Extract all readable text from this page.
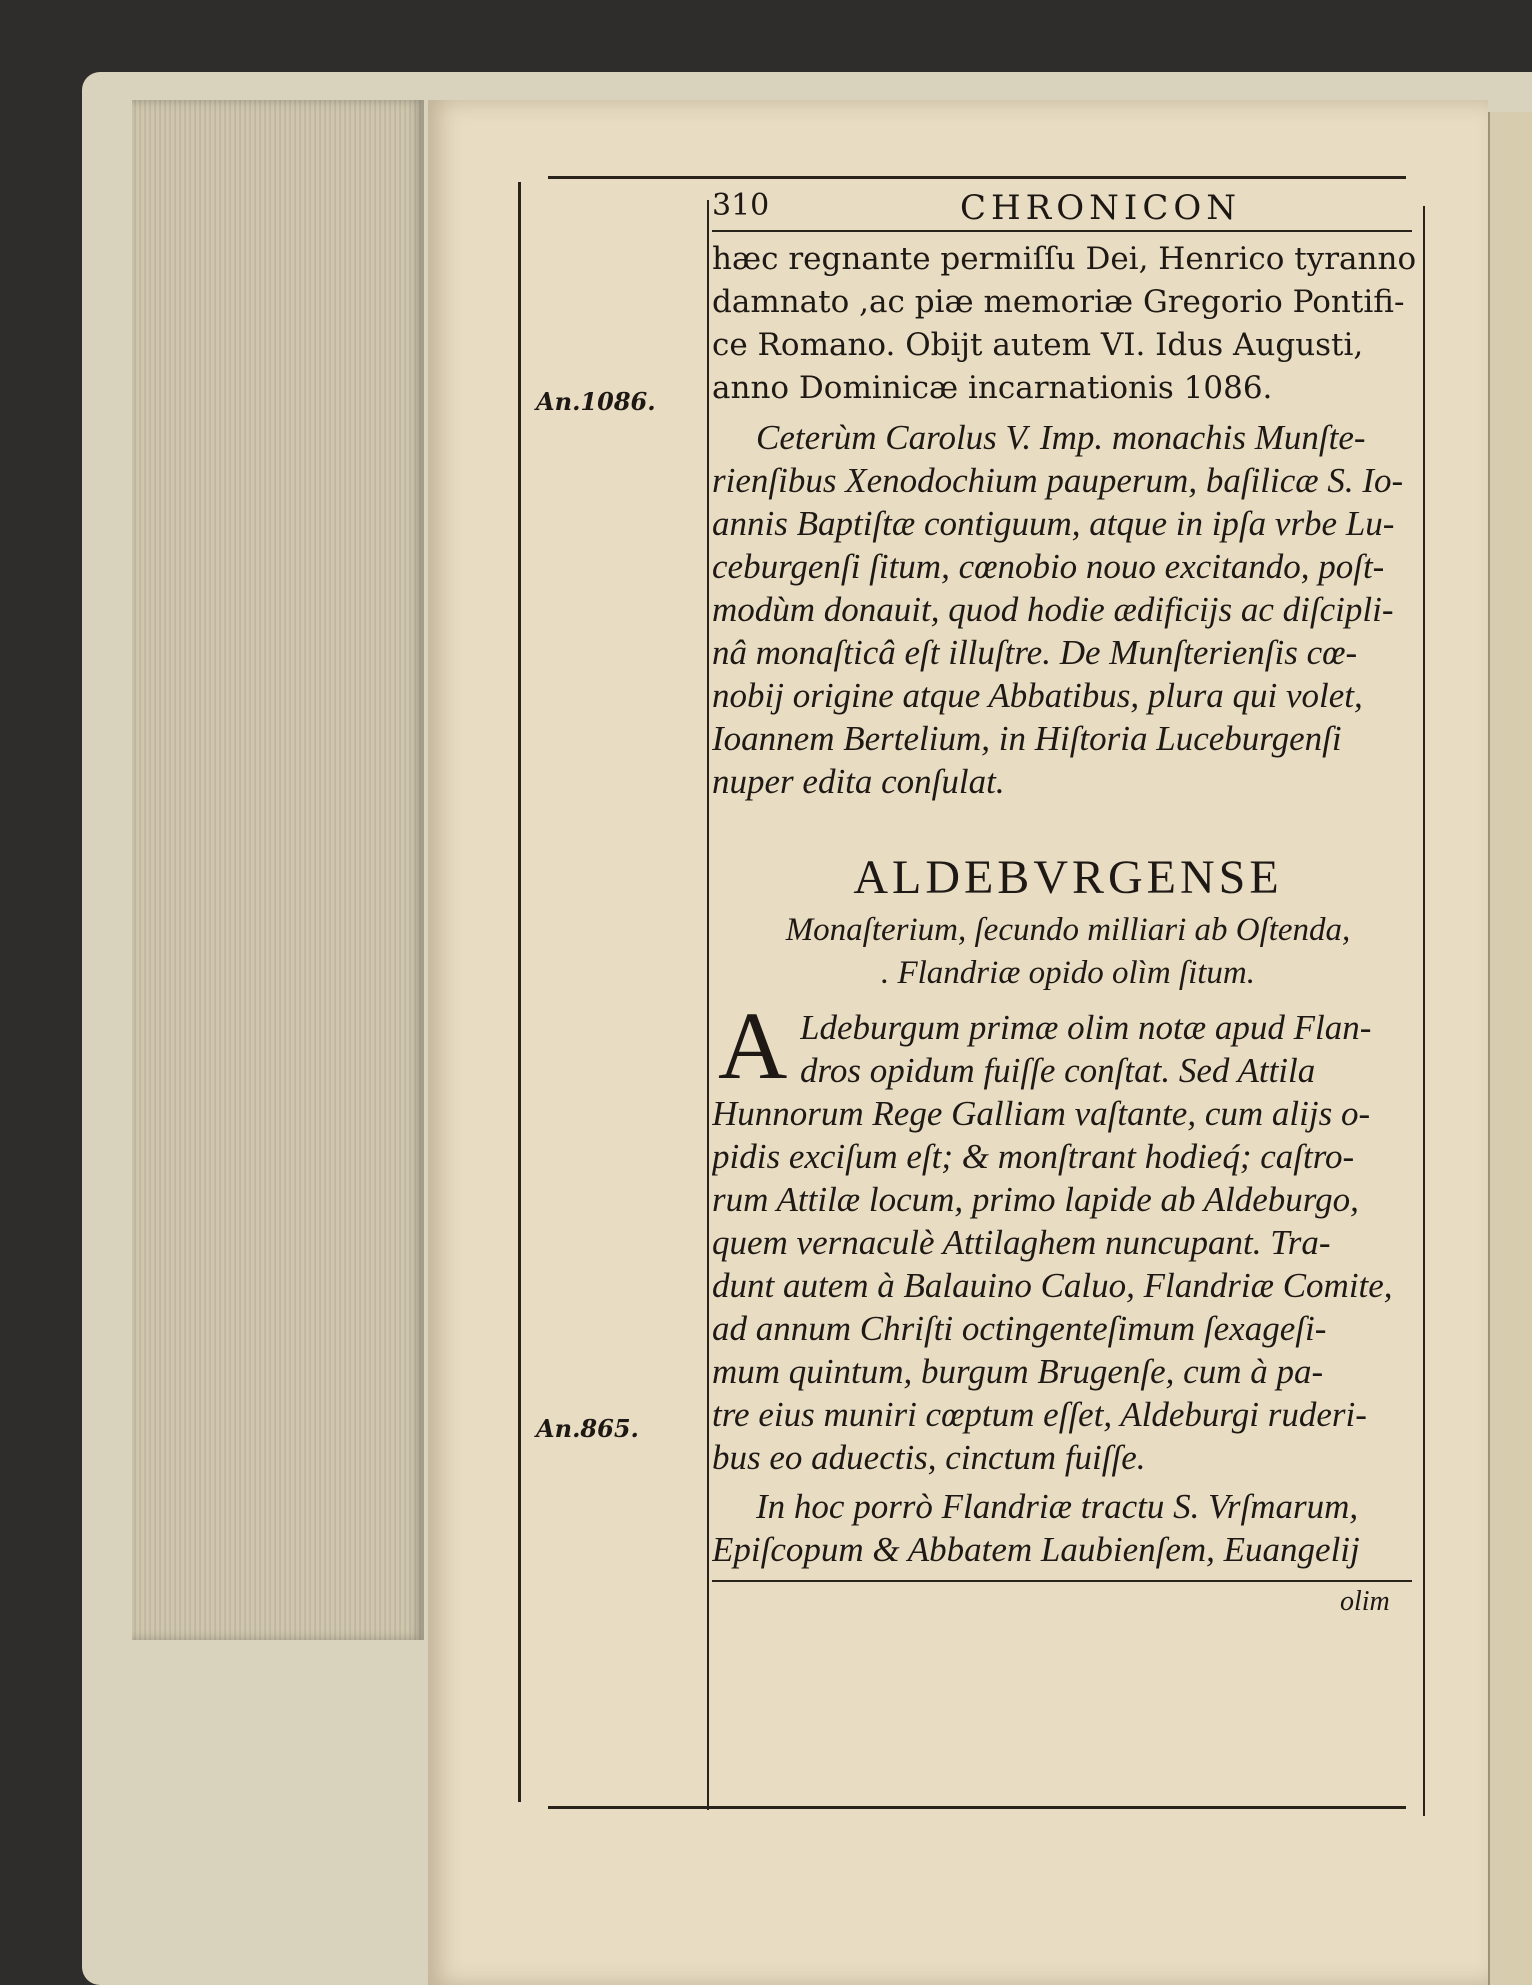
310	CHRONICON
An.1086.
An.865.
hæc regnante permiſſu Dei, Henrico tyranno
damnato ,ac piæ memoriæ Gregorio Pontifi-
ce Romano. Obijt autem VI. Idus Augusti,
anno Dominicæ incarnationis 1086.
Ceterùm Carolus V. Imp. monachis Munſte-
rienſibus Xenodochium pauperum, baſilicæ S. Io-
annis Baptiſtæ contiguum, atque in ipſa vrbe Lu-
ceburgenſi ſitum, cœnobio nouo excitando, poſt-
modùm donauit, quod hodie ædificijs ac diſcipli-
nâ monaſticâ eſt illuſtre. De Munſterienſis cœ-
nobij origine atque Abbatibus, plura qui volet,
Ioannem Bertelium, in Hiſtoria Luceburgenſi
nuper edita conſulat.
ALDEBVRGENSE
Monaſterium, ſecundo milliari ab Oſtenda,
. Flandriæ opido olìm ſitum.
A Ldeburgum primæ olim notæ apud Flan-
dros opidum fuiſſe conſtat. Sed Attila
Hunnorum Rege Galliam vaſtante, cum alijs o-
pidis exciſum eſt; & monſtrant hodieq́; caſtro-
rum Attilæ locum, primo lapide ab Aldeburgo,
quem vernaculè Attilaghem nuncupant. Tra-
dunt autem à Balauino Caluo, Flandriæ Comite,
ad annum Chriſti octingenteſimum ſexageſi-
mum quintum, burgum Brugenſe, cum à pa-
tre eius muniri cœptum eſſet, Aldeburgi ruderi-
bus eo aduectis, cinctum fuiſſe.
In hoc porrò Flandriæ tractu S. Vrſmarum,
Epiſcopum & Abbatem Laubienſem, Euangelij
olim
